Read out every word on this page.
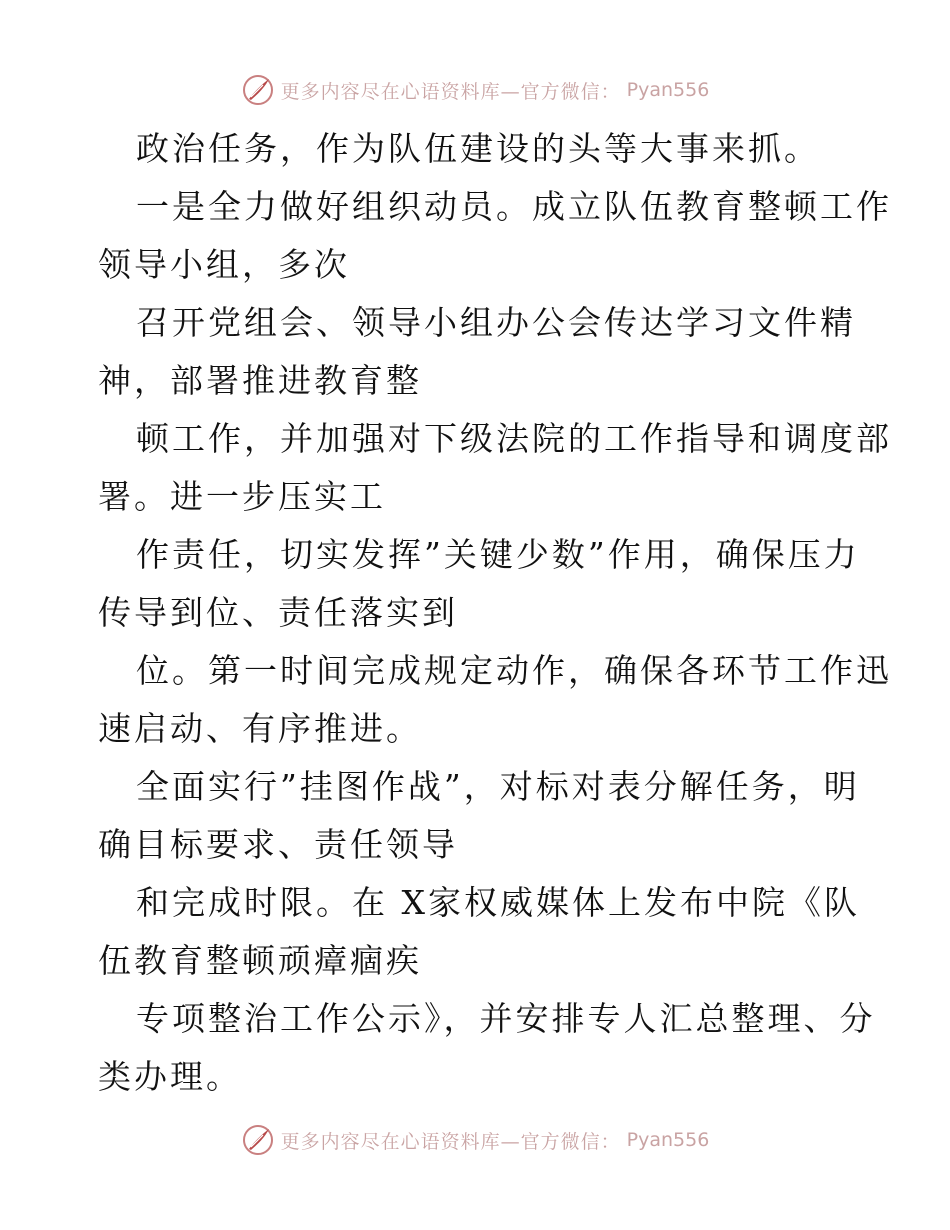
更多内容尽在心语资料库—官方微信： Pyan556
政治任务，作为队伍建设的头等大事来抓。
一是全力做好组织动员。成立队伍教育整顿工作
领导小组，多次
召开党组会、领导小组办公会传达学习文件精
神，部署推进教育整
顿工作，并加强对下级法院的工作指导和调度部
署。进一步压实工
作责任，切实发挥”关键少数”作用，确保压力
传导到位、责任落实到
位。第一时间完成规定动作，确保各环节工作迅
速启动、有序推进。
全面实行”挂图作战”，对标对表分解任务，明
确目标要求、责任领导
和完成时限。在 X家权威媒体上发布中院《队
伍教育整顿顽瘴痼疾
专项整治工作公示》，并安排专人汇总整理、分
类办理。
更多内容尽在心语资料库—官方微信： Pyan556
